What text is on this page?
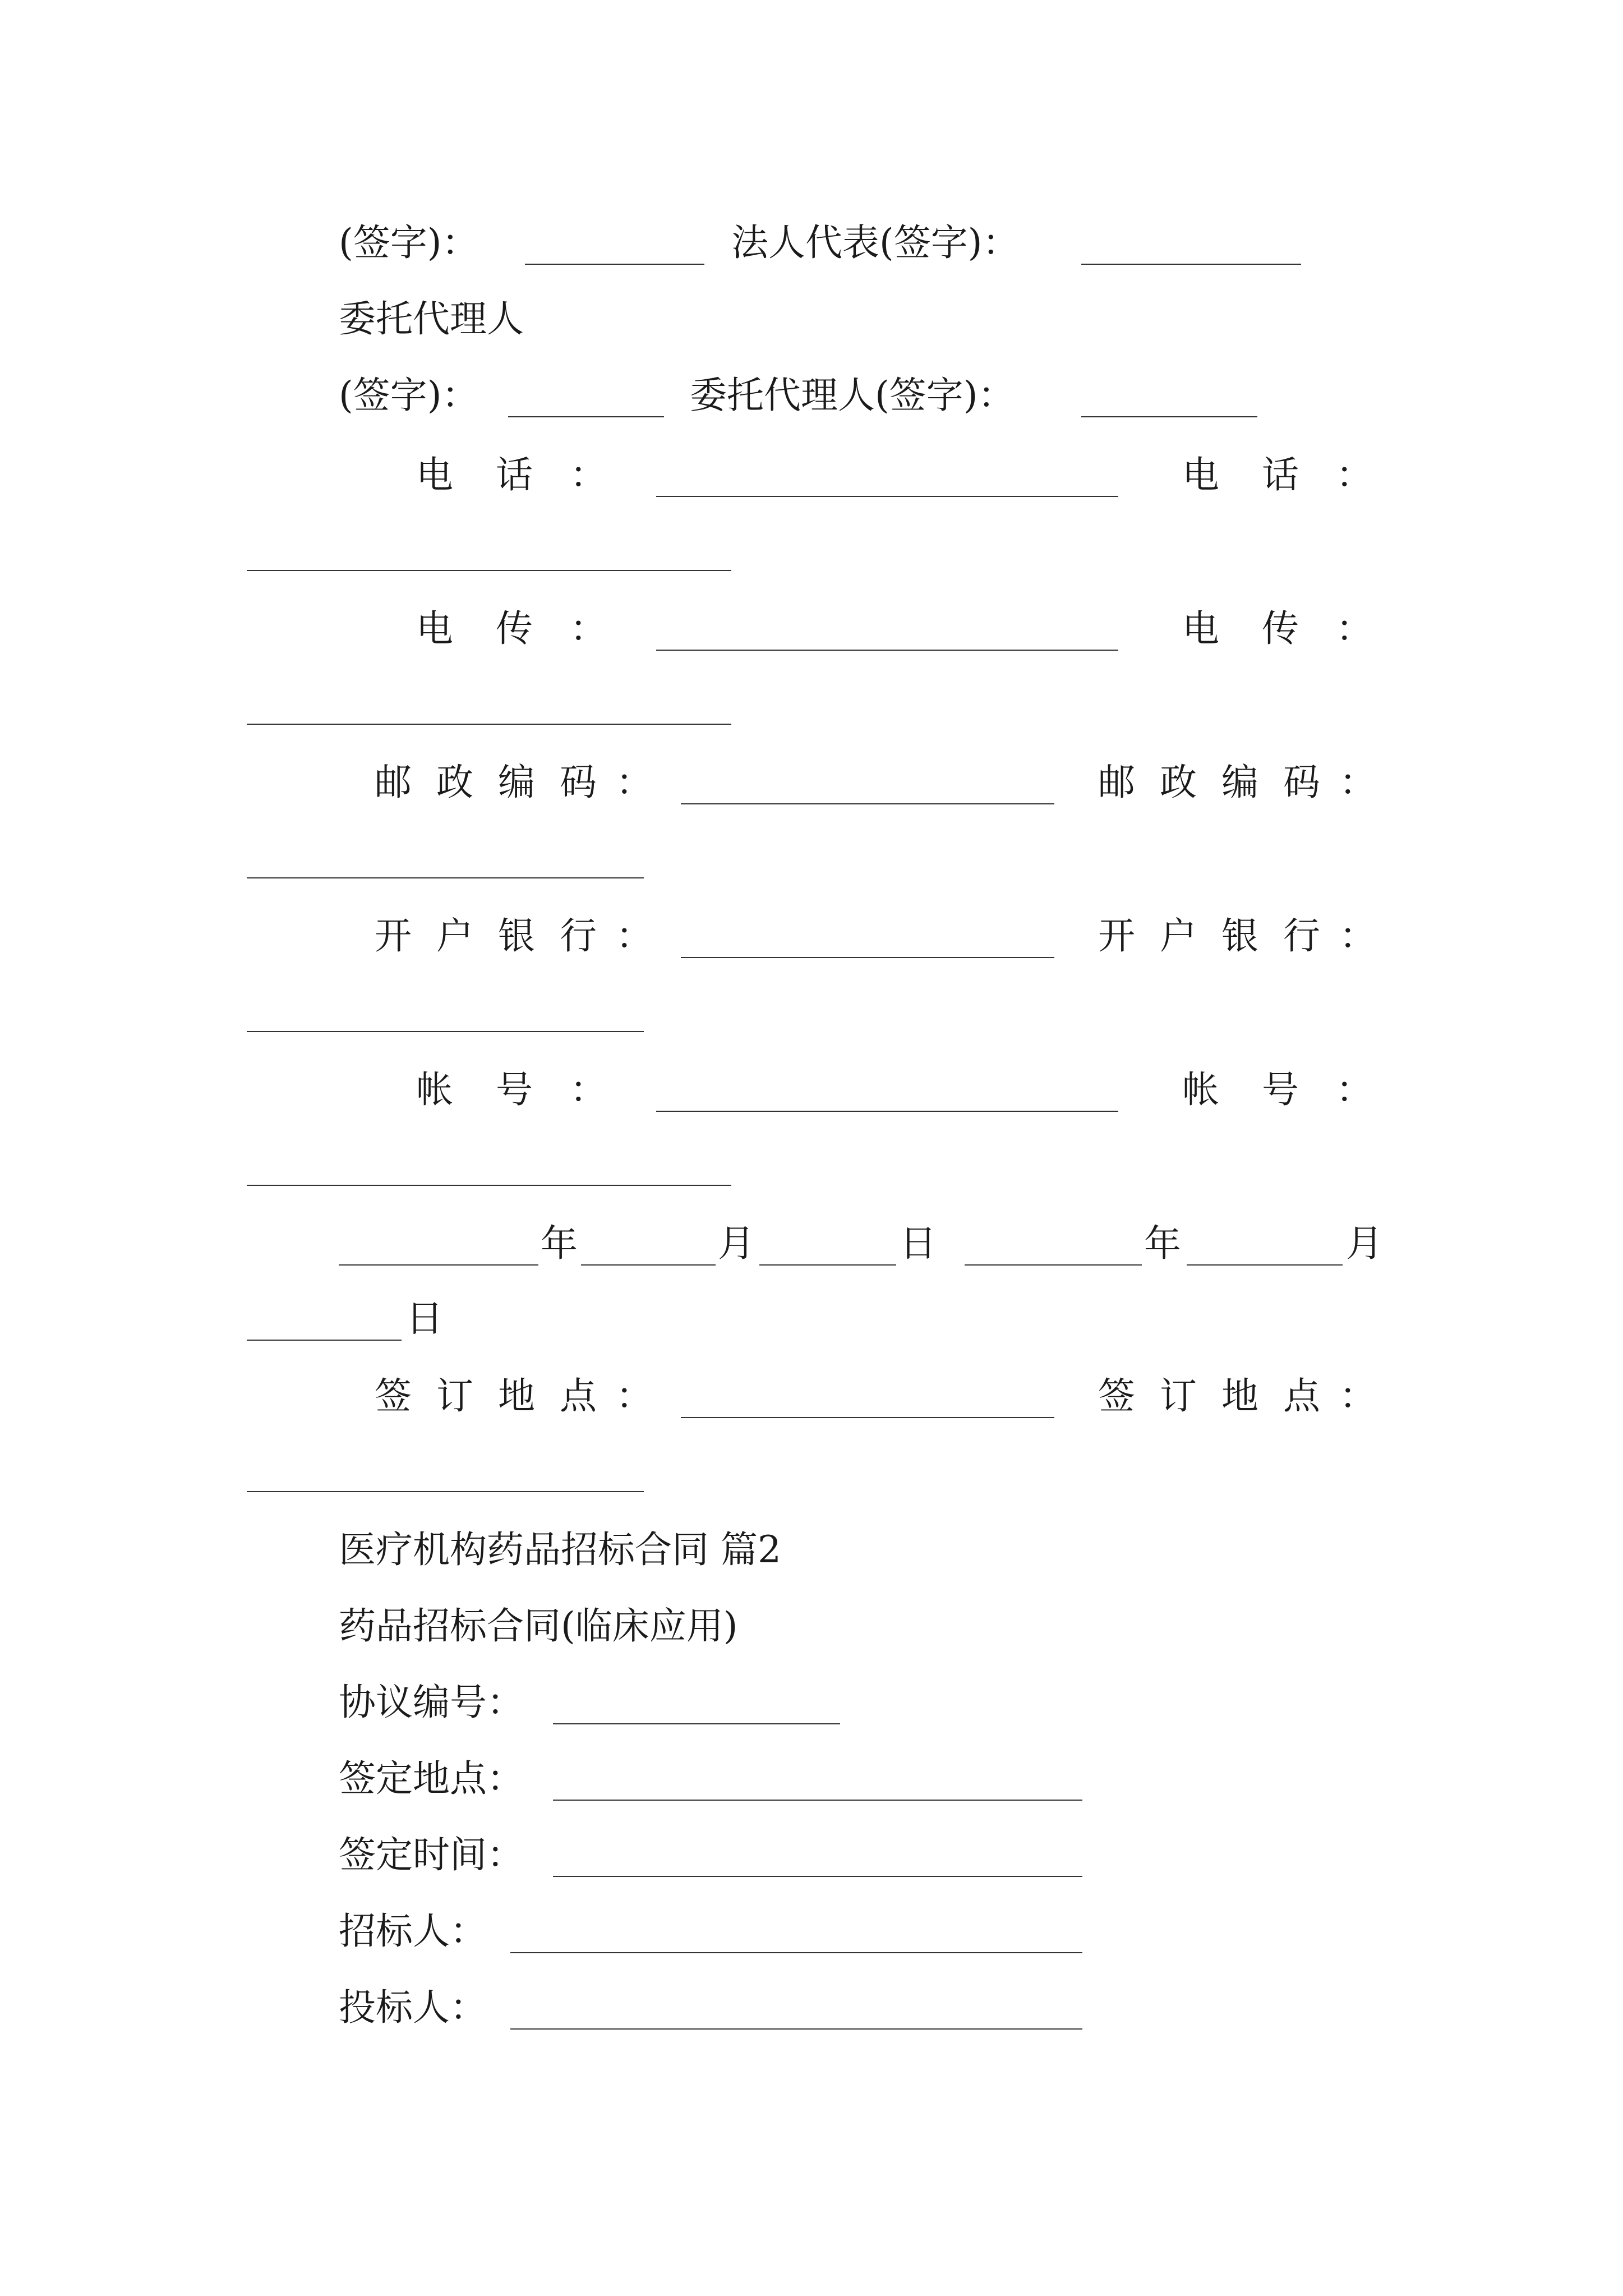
(签字)：	法人代表(签字)：
委托代理人
(签字)：	委托代理人(签字)：
电 话 ：	电 话 ：
电 传 ：	电 传 ：
邮 政 编 码 ：	邮 政 编 码 ：
开 户 银 行 ：	开 户 银 行 ：
帐 号 ：	帐 号 ：
年	月	日	年	月
日
签 订 地 点 ：	签 订 地 点 ：
医疗机构药品招标合同 篇2
药品招标合同(临床应用)
协议编号：
签定地点：
签定时间：
招标人：
投标人：
